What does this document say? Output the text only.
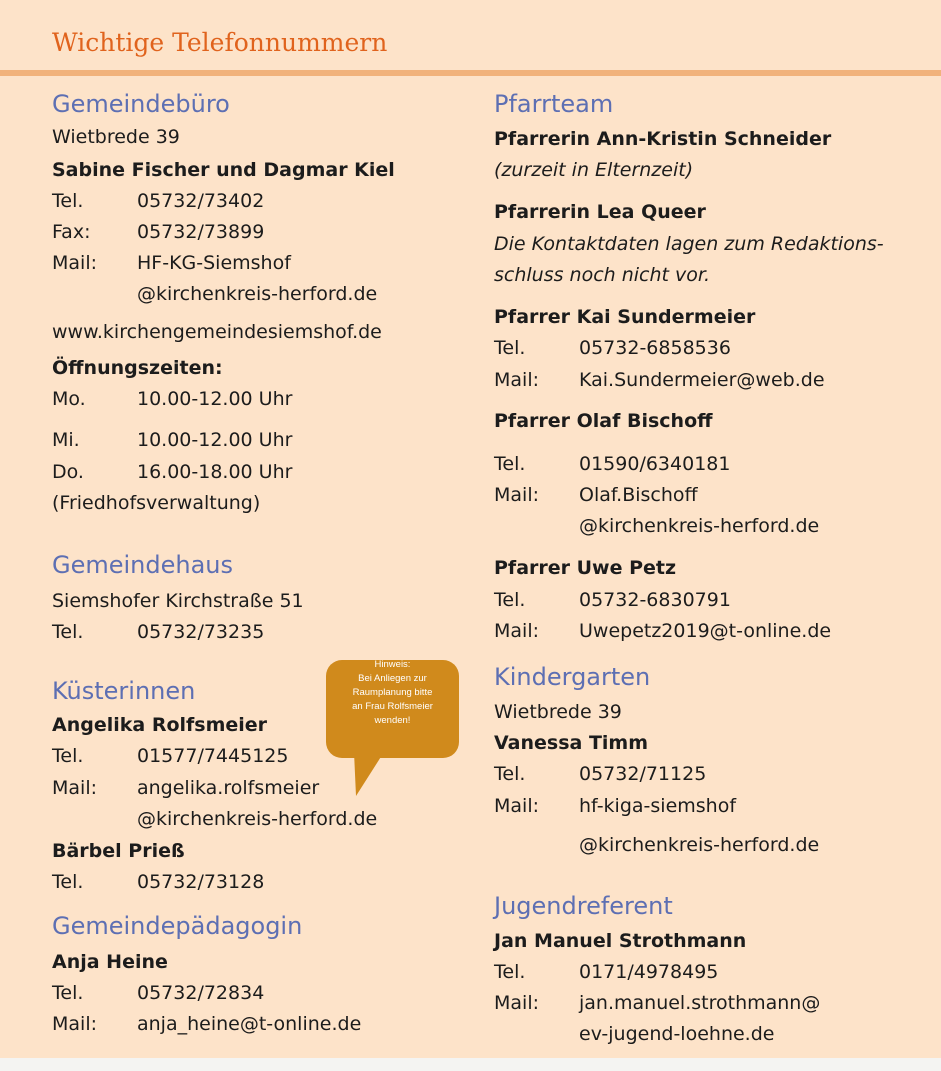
Wichtige Telefonnummern
Gemeindebüro
Wietbrede 39
Sabine Fischer und Dagmar Kiel
Tel.	05732/73402
Fax: 05732/73899
Mail: HF-KG-Siemshof
@kirchenkreis-herford.de
www.kirchengemeindesiemshof.de
Öffnungszeiten:
Mo.	10.00-12.00 Uhr
Mi.	10.00-12.00 Uhr
Do.	16.00-18.00 Uhr
(Friedhofsverwaltung)
Gemeindehaus
Siemshofer Kirchstraße 51
Tel.	05732/73235
Küsterinnen
Angelika Rolfsmeier
Tel.	01577/7445125
Mail: angelika.rolfsmeier
@kirchenkreis-herford.de
Bärbel Prieß
Tel.	05732/73128
Gemeindepädagogin
Anja Heine
Tel.	05732/72834
Mail: anja_heine@t-online.de
Hinweis:
Bei Anliegen zur
Raumplanung bitte
an Frau Rolfsmeier
wenden!
Pfarrteam
Pfarrerin Ann-Kristin Schneider
(zurzeit in Elternzeit)
Pfarrerin Lea Queer
Die Kontaktdaten lagen zum Redaktions-
schluss noch nicht vor.
Pfarrer Kai Sundermeier
Tel.	05732-6858536
Mail: Kai.Sundermeier@web.de
Pfarrer Olaf Bischoff
Tel.	01590/6340181
Mail: Olaf.Bischoff
@kirchenkreis-herford.de
Pfarrer Uwe Petz
Tel.	05732-6830791
Mail: Uwepetz2019@t-online.de
Kindergarten
Wietbrede 39
Vanessa Timm
Tel.	05732/71125
Mail: hf-kiga-siemshof
@kirchenkreis-herford.de
Jugendreferent
Jan Manuel Strothmann
Tel.	0171/4978495
Mail: jan.manuel.strothmann@
ev-jugend-loehne.de
